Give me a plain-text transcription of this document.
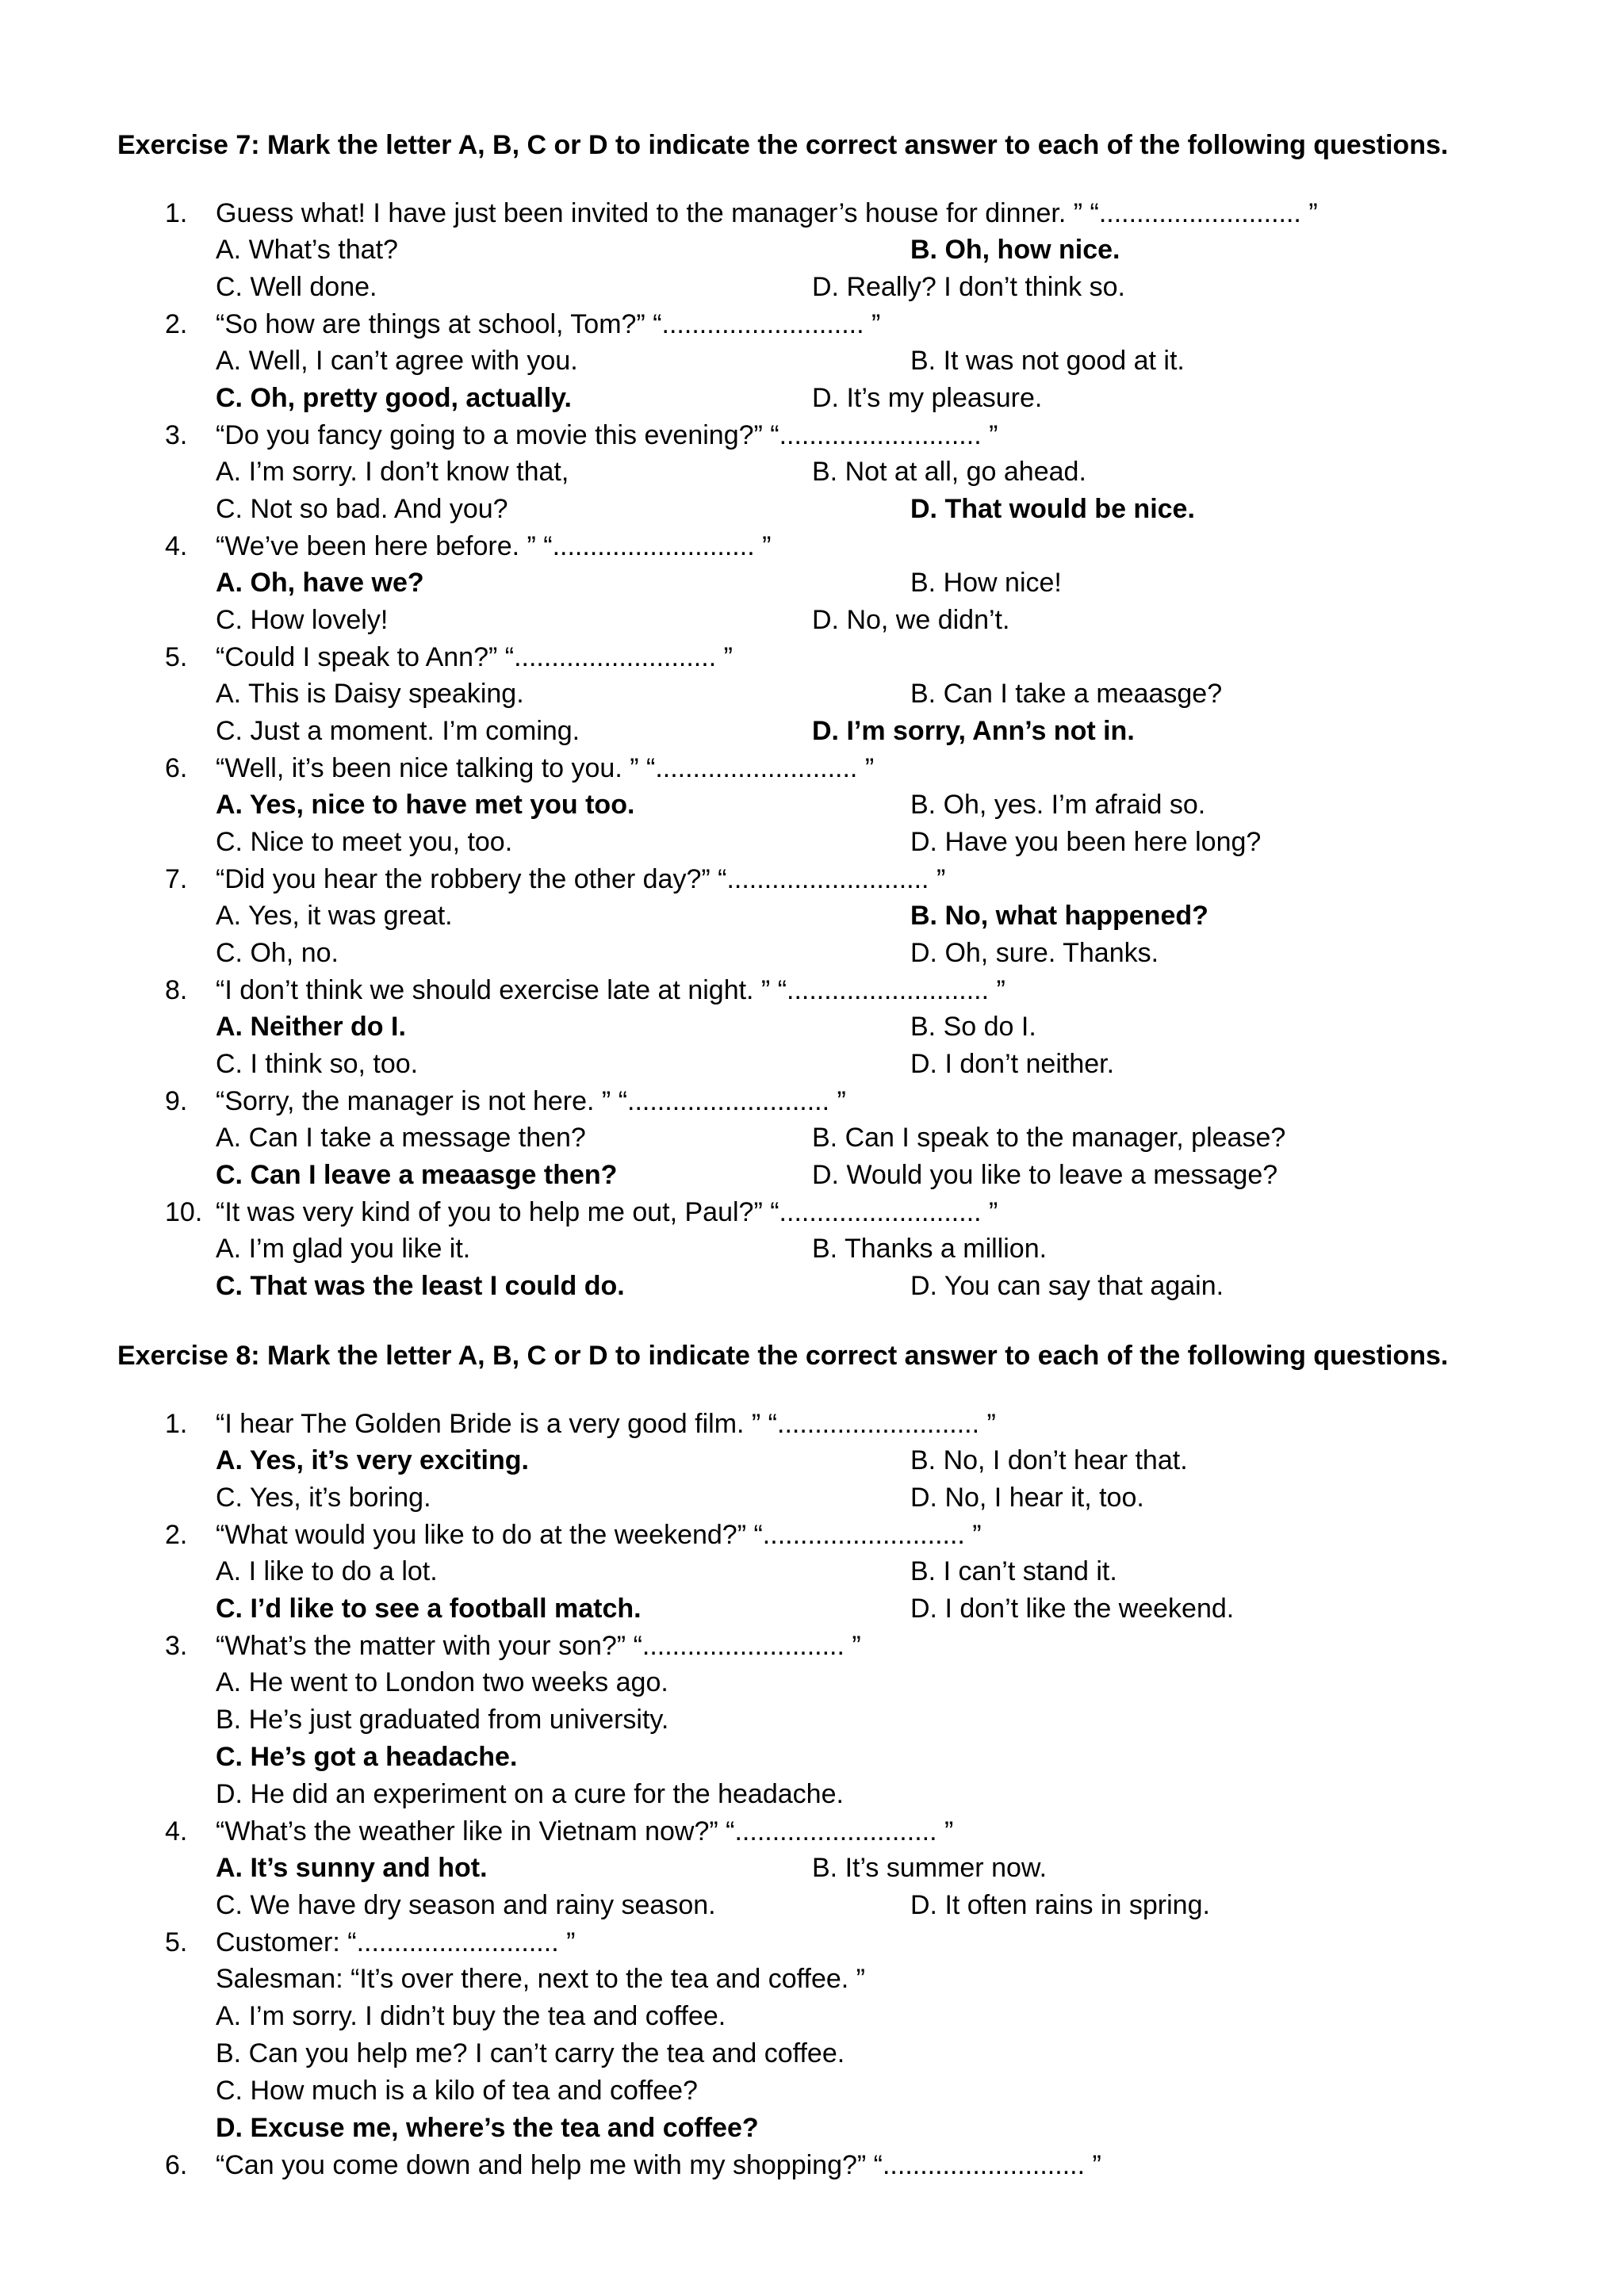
Exercise 7: Mark the letter A, B, C or D to indicate the correct answer to each of the following questions.
1.	Guess what! I have just been invited to the manager’s house for dinner. ” “........................... ”
A. What’s that?	B. Oh, how nice.
C. Well done.	D. Really? I don’t think so.
2.	“So how are things at school, Tom?” “........................... ”
A. Well, I can’t agree with you.	B. It was not good at it.
C. Oh, pretty good, actually.	D. It’s my pleasure.
3.	“Do you fancy going to a movie this evening?” “........................... ”
A. I’m sorry. I don’t know that,	B. Not at all, go ahead.
C. Not so bad. And you?	D. That would be nice.
4.	“We’ve been here before. ” “........................... ”
A. Oh, have we?	B. How nice!
C. How lovely!	D. No, we didn’t.
5.	“Could I speak to Ann?” “........................... ”
A. This is Daisy speaking.	B. Can I take a meaasge?
C. Just a moment. I’m coming.	D. I’m sorry, Ann’s not in.
6.	“Well, it’s been nice talking to you. ” “........................... ”
A. Yes, nice to have met you too.	B. Oh, yes. I’m afraid so.
C. Nice to meet you, too.	D. Have you been here long?
7.	“Did you hear the robbery the other day?” “........................... ”
A. Yes, it was great.	B. No, what happened?
C. Oh, no.	D. Oh, sure. Thanks.
8.	“I don’t think we should exercise late at night. ” “........................... ”
A. Neither do I.	B. So do I.
C. I think so, too.	D. I don’t neither.
9.	“Sorry, the manager is not here. ” “........................... ”
A. Can I take a message then?	B. Can I speak to the manager, please?
C. Can I leave a meaasge then?	D. Would you like to leave a message?
10. “It was very kind of you to help me out, Paul?” “........................... ”
A. I’m glad you like it.	B. Thanks a million.
C. That was the least I could do.	D. You can say that again.
Exercise 8: Mark the letter A, B, C or D to indicate the correct answer to each of the following questions.
1.	“I hear The Golden Bride is a very good film. ” “........................... ”
A. Yes, it’s very exciting.	B. No, I don’t hear that.
C. Yes, it’s boring.	D. No, I hear it, too.
2.	“What would you like to do at the weekend?” “........................... ”
A. I like to do a lot.	B. I can’t stand it.
C. I’d like to see a football match.	D. I don’t like the weekend.
3.	“What’s the matter with your son?” “........................... ”
A. He went to London two weeks ago.
B. He’s just graduated from university.
C. He’s got a headache.
D. He did an experiment on a cure for the headache.
4.	“What’s the weather like in Vietnam now?” “........................... ”
A. It’s sunny and hot.	B. It’s summer now.
C. We have dry season and rainy season.	D. It often rains in spring.
5.	Customer: “........................... ”
Salesman: “It’s over there, next to the tea and coffee. ”
A. I’m sorry. I didn’t buy the tea and coffee.
B. Can you help me? I can’t carry the tea and coffee.
C. How much is a kilo of tea and coffee?
D. Excuse me, where’s the tea and coffee?
6.	“Can you come down and help me with my shopping?” “........................... ”
